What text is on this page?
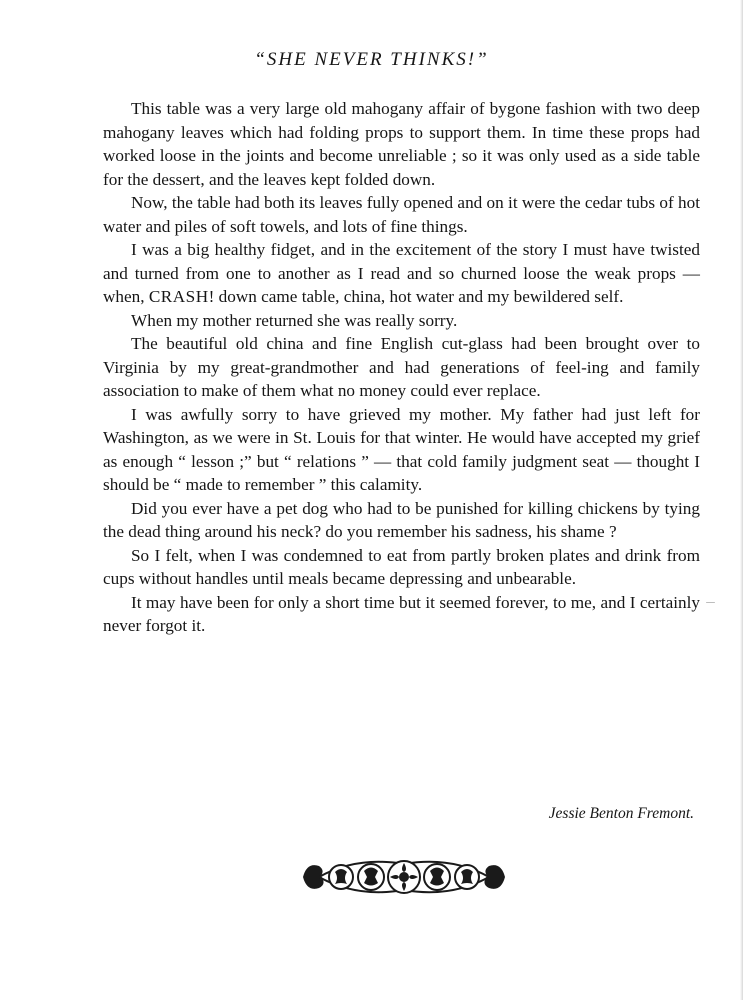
“SHE NEVER THINKS!”

This table was a very large old mahogany affair of bygone fashion with two deep mahogany leaves which had folding props to support them. In time these props had worked loose in the joints and become unreliable ; so it was only used as a side table for the dessert, and the leaves kept folded down.

Now, the table had both its leaves fully opened and on it were the cedar tubs of hot water and piles of soft towels, and lots of fine things.

I was a big healthy fidget, and in the excitement of the story I must have twisted and turned from one to another as I read and so churned loose the weak props — when, CRASH! down came table, china, hot water and my bewildered self.

When my mother returned she was really sorry.

The beautiful old china and fine English cut-glass had been brought over to Virginia by my great-grandmother and had generations of feel-ing and family association to make of them what no money could ever replace.

I was awfully sorry to have grieved my mother. My father had just left for Washington, as we were in St. Louis for that winter. He would have accepted my grief as enough “ lesson ;” but “ relations ” — that cold family judgment seat — thought I should be “ made to remember ” this calamity.

Did you ever have a pet dog who had to be punished for killing chickens by tying the dead thing around his neck? do you remember his sadness, his shame ?

So I felt, when I was condemned to eat from partly broken plates and drink from cups without handles until meals became depressing and unbearable.

It may have been for only a short time but it seemed forever, to me, and I certainly never forgot it.

Jessie Benton Fremont.
